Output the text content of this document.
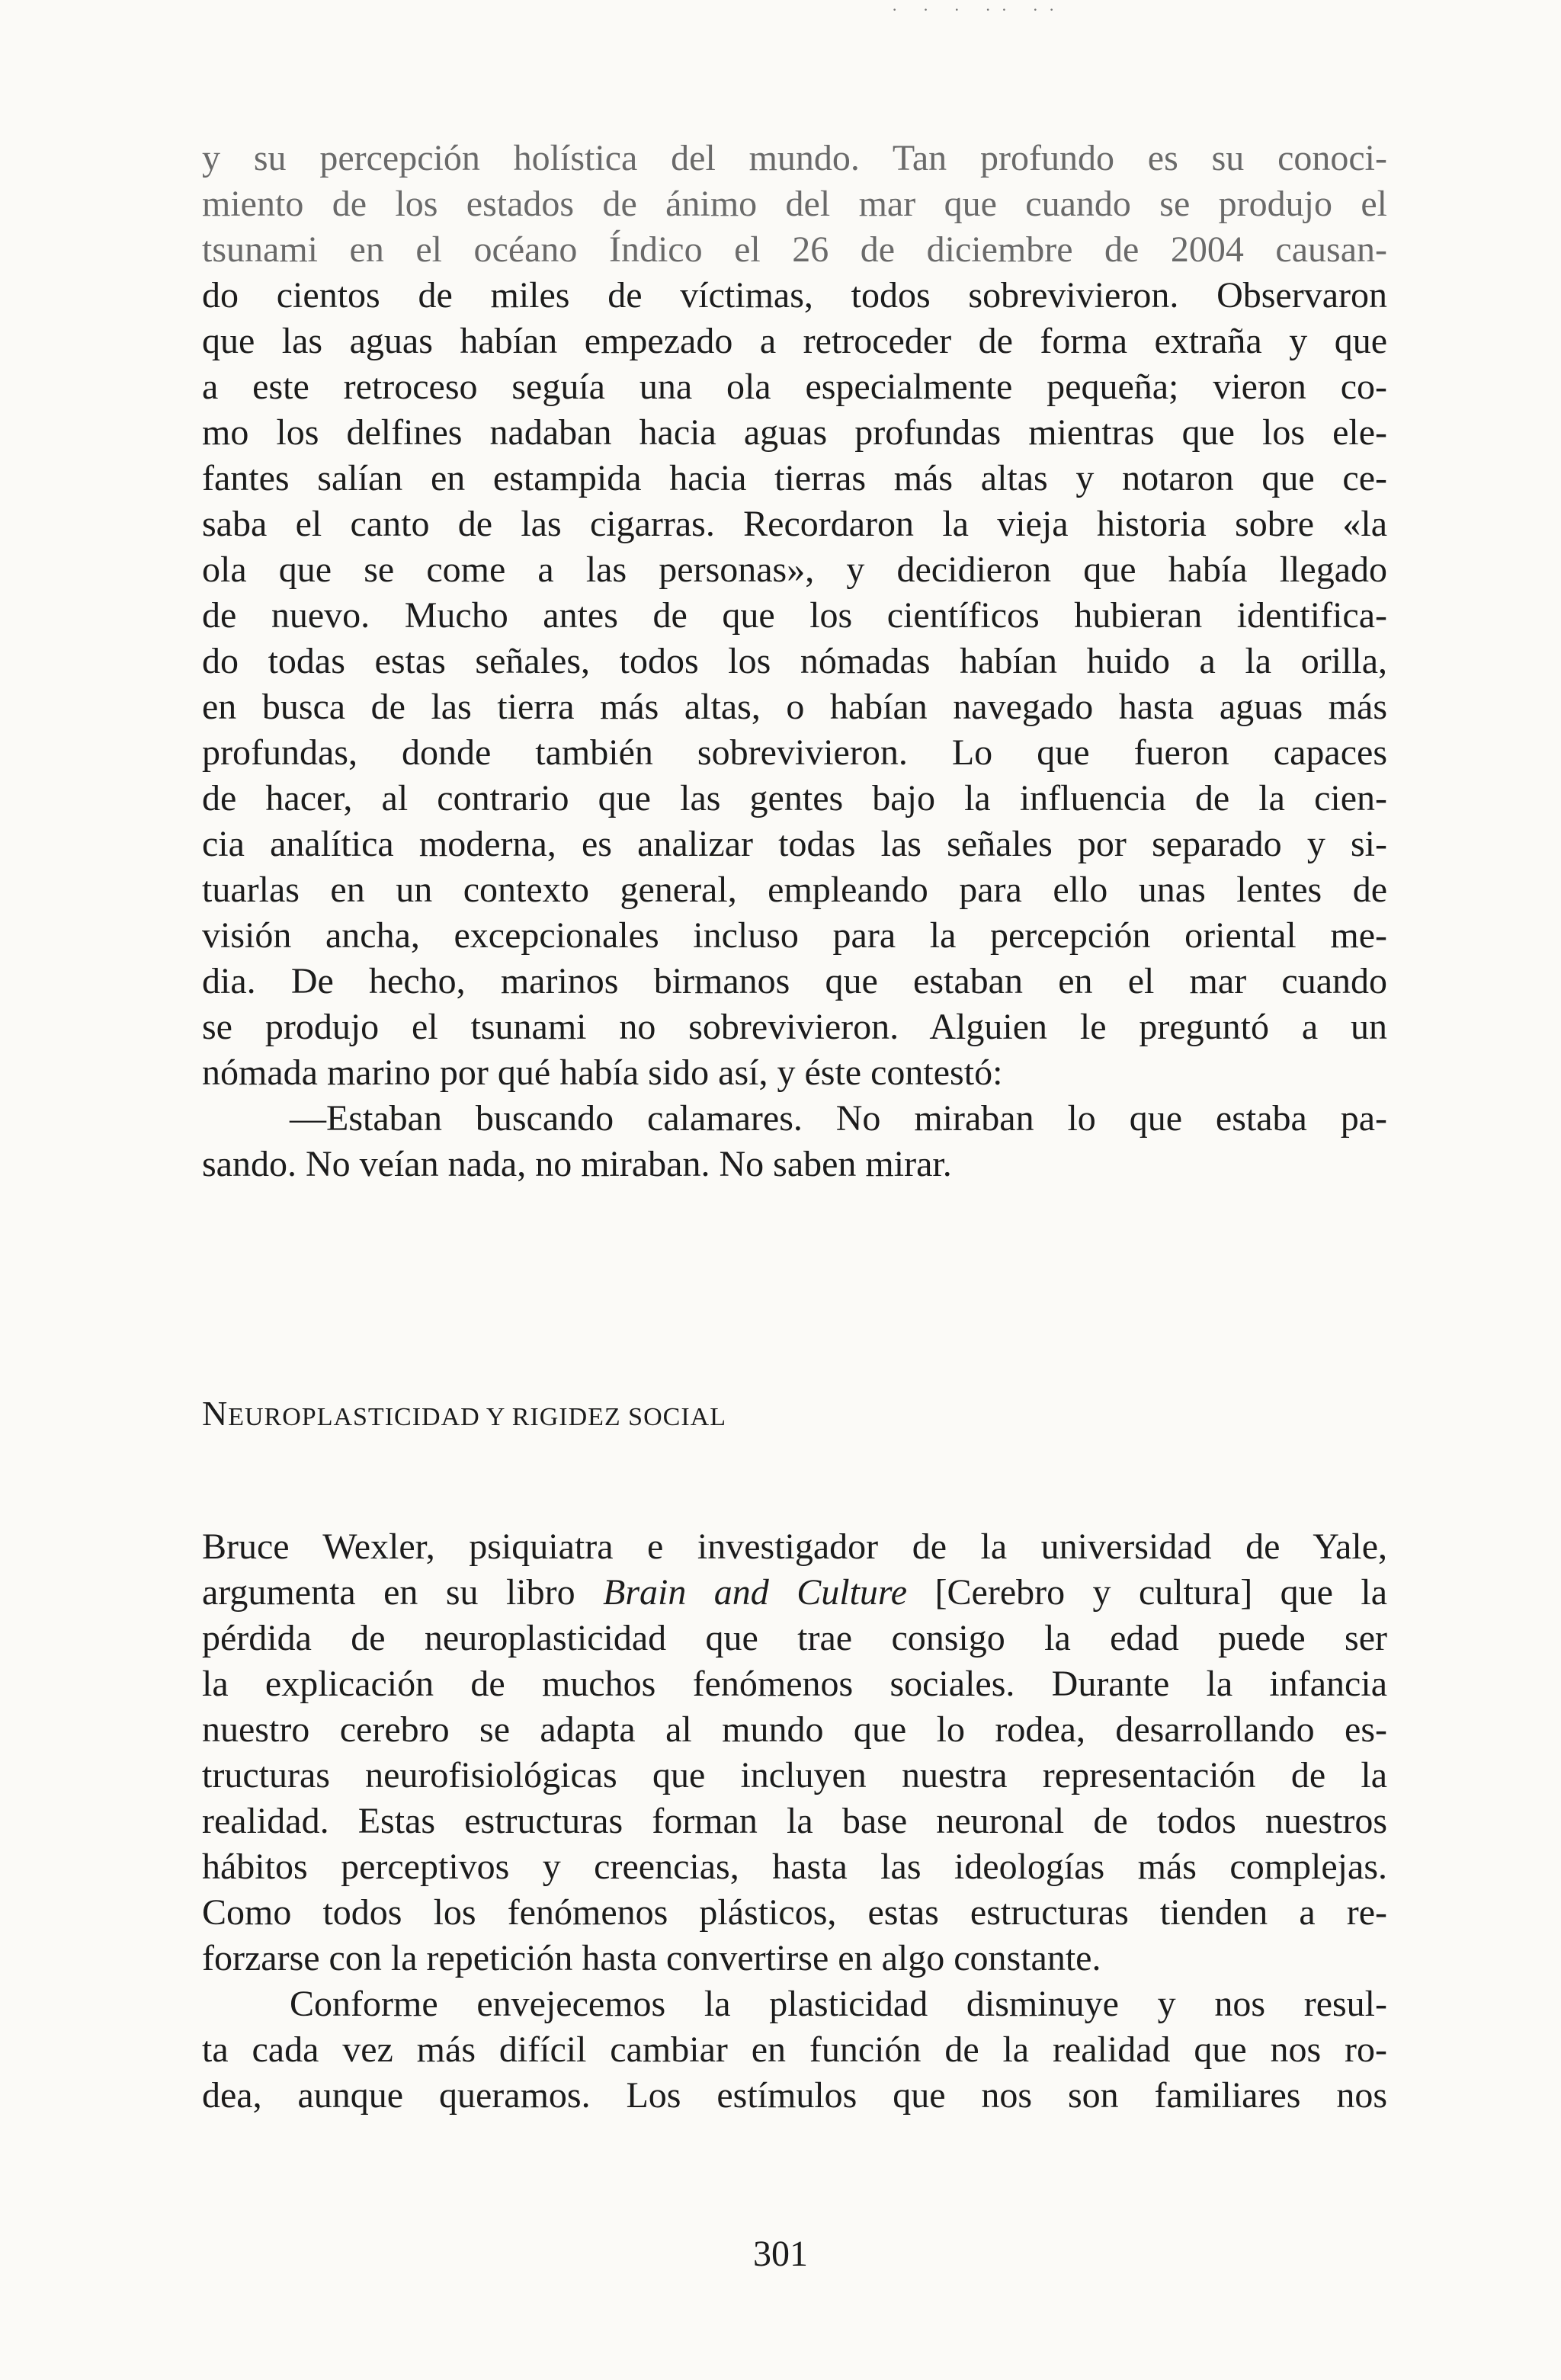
· · · ·· ··
y su percepción holística del mundo. Tan profundo es su conoci-
miento de los estados de ánimo del mar que cuando se produjo el
tsunami en el océano Índico el 26 de diciembre de 2004 causan-
do cientos de miles de víctimas, todos sobrevivieron. Observaron
que las aguas habían empezado a retroceder de forma extraña y que
a este retroceso seguía una ola especialmente pequeña; vieron co-
mo los delfines nadaban hacia aguas profundas mientras que los ele-
fantes salían en estampida hacia tierras más altas y notaron que ce-
saba el canto de las cigarras. Recordaron la vieja historia sobre «la
ola que se come a las personas», y decidieron que había llegado
de nuevo. Mucho antes de que los científicos hubieran identifica-
do todas estas señales, todos los nómadas habían huido a la orilla,
en busca de las tierra más altas, o habían navegado hasta aguas más
profundas, donde también sobrevivieron. Lo que fueron capaces
de hacer, al contrario que las gentes bajo la influencia de la cien-
cia analítica moderna, es analizar todas las señales por separado y si-
tuarlas en un contexto general, empleando para ello unas lentes de
visión ancha, excepcionales incluso para la percepción oriental me-
dia. De hecho, marinos birmanos que estaban en el mar cuando
se produjo el tsunami no sobrevivieron. Alguien le preguntó a un
nómada marino por qué había sido así, y éste contestó:
—Estaban buscando calamares. No miraban lo que estaba pa-
sando. No veían nada, no miraban. No saben mirar.
NEUROPLASTICIDAD Y RIGIDEZ SOCIAL
Bruce Wexler, psiquiatra e investigador de la universidad de Yale,
argumenta en su libro Brain and Culture [Cerebro y cultura] que la
pérdida de neuroplasticidad que trae consigo la edad puede ser
la explicación de muchos fenómenos sociales. Durante la infancia
nuestro cerebro se adapta al mundo que lo rodea, desarrollando es-
tructuras neurofisiológicas que incluyen nuestra representación de la
realidad. Estas estructuras forman la base neuronal de todos nuestros
hábitos perceptivos y creencias, hasta las ideologías más complejas.
Como todos los fenómenos plásticos, estas estructuras tienden a re-
forzarse con la repetición hasta convertirse en algo constante.
Conforme envejecemos la plasticidad disminuye y nos resul-
ta cada vez más difícil cambiar en función de la realidad que nos ro-
dea, aunque queramos. Los estímulos que nos son familiares nos
301
